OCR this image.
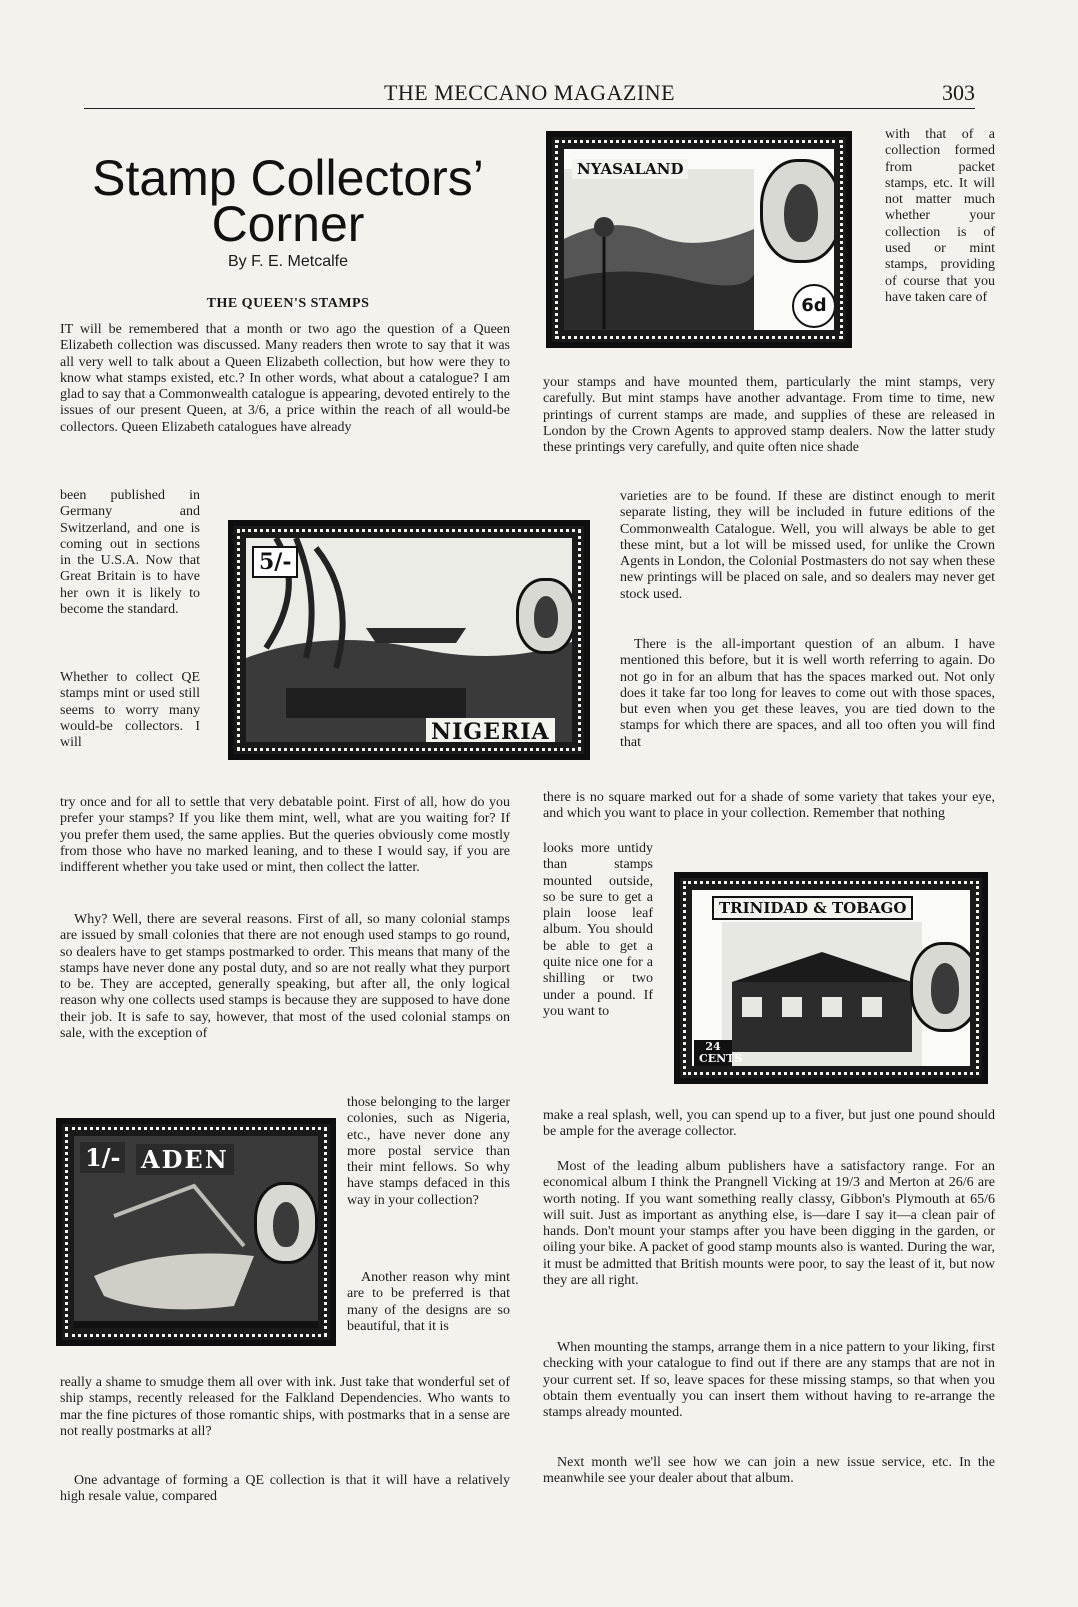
THE MECCANO MAGAZINE	303
Stamp Collectors’
Corner
By F. E. Metcalfe
THE QUEEN'S STAMPS

IT will be remembered that a month or two ago the question of a Queen Elizabeth collection was discussed. Many readers then wrote to say that it was all very well to talk about a Queen Elizabeth collection, but how were they to know what stamps existed, etc.? In other words, what about a catalogue? I am glad to say that a Commonwealth catalogue is appearing, devoted entirely to the issues of our present Queen, at 3/6, a price within the reach of all would-be collectors. Queen Elizabeth catalogues have already

been published in Germany and Switzerland, and one is coming out in sections in the U.S.A. Now that Great Britain is to have her own it is likely to become the standard.

Whether to collect QE stamps mint or used still seems to worry many would-be collectors. I will

try once and for all to settle that very debatable point. First of all, how do you prefer your stamps? If you like them mint, well, what are you waiting for? If you prefer them used, the same applies. But the queries obviously come mostly from those who have no marked leaning, and to these I would say, if you are indifferent whether you take used or mint, then collect the latter.

Why? Well, there are several reasons. First of all, so many colonial stamps are issued by small colonies that there are not enough used stamps to go round, so dealers have to get stamps postmarked to order. This means that many of the stamps have never done any postal duty, and so are not really what they purport to be. They are accepted, generally speaking, but after all, the only logical reason why one collects used stamps is because they are supposed to have done their job. It is safe to say, however, that most of the used colonial stamps on sale, with the exception of

those belonging to the larger colonies, such as Nigeria, etc., have never done any more postal service than their mint fellows. So why have stamps defaced in this way in your collection?

Another reason why mint are to be preferred is that many of the designs are so beautiful, that it is

really a shame to smudge them all over with ink. Just take that wonderful set of ship stamps, recently released for the Falkland Dependencies. Who wants to mar the fine pictures of those romantic ships, with postmarks that in a sense are not really postmarks at all?

One advantage of forming a QE collection is that it will have a relatively high resale value, compared

with that of a collection formed from packet stamps, etc. It will not matter much whether your collection is of used or mint stamps, providing of course that you have taken care of

your stamps and have mounted them, particularly the mint stamps, very carefully. But mint stamps have another advantage. From time to time, new printings of current stamps are made, and supplies of these are released in London by the Crown Agents to approved stamp dealers. Now the latter study these printings very carefully, and quite often nice shade

varieties are to be found. If these are distinct enough to merit separate listing, they will be included in future editions of the Commonwealth Catalogue. Well, you will always be able to get these mint, but a lot will be missed used, for unlike the Crown Agents in London, the Colonial Postmasters do not say when these new printings will be placed on sale, and so dealers may never get stock used.

There is the all-important question of an album. I have mentioned this before, but it is well worth referring to again. Do not go in for an album that has the spaces marked out. Not only does it take far too long for leaves to come out with those spaces, but even when you get these leaves, you are tied down to the stamps for which there are spaces, and all too often you will find that

there is no square marked out for a shade of some variety that takes your eye, and which you want to place in your collection. Remember that nothing

looks more untidy than stamps mounted outside, so be sure to get a plain loose leaf album. You should be able to get a quite nice one for a shilling or two under a pound. If you want to

make a real splash, well, you can spend up to a fiver, but just one pound should be ample for the average collector.

Most of the leading album publishers have a satisfactory range. For an economical album I think the Prangnell Vicking at 19/3 and Merton at 26/6 are worth noting. If you want something really classy, Gibbon's Plymouth at 65/6 will suit. Just as important as anything else, is—dare I say it—a clean pair of hands. Don't mount your stamps after you have been digging in the garden, or oiling your bike. A packet of good stamp mounts also is wanted. During the war, it must be admitted that British mounts were poor, to say the least of it, but now they are all right.

When mounting the stamps, arrange them in a nice pattern to your liking, first checking with your catalogue to find out if there are any stamps that are not in your current set. If so, leave spaces for these missing stamps, so that when you obtain them eventually you can insert them without having to re-arrange the stamps already mounted.

Next month we'll see how we can join a new issue service, etc. In the meanwhile see your dealer about that album.

NYASALAND
6d
5/-
NIGERIA
1/- ADEN
TRINIDAD & TOBAGO
24 CENTS
